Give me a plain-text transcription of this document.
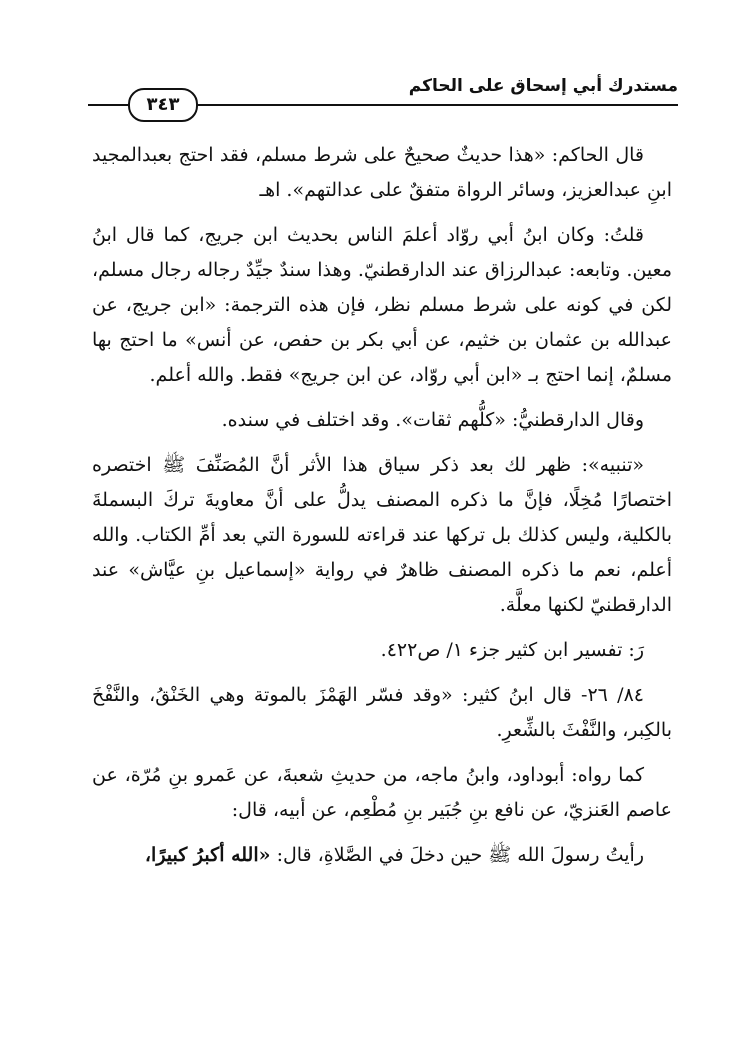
مستدرك أبي إسحاق على الحاكم
٣٤٣

قال الحاكم: «هذا حديثٌ صحيحٌ على شرط مسلم، فقد احتج بعبدالمجيد ابنِ عبدالعزيز، وسائر الرواة متفقٌ على عدالتهم». اهـ

قلتُ: وكان ابنُ أبي روّاد أعلمَ الناس بحديث ابن جريج، كما قال ابنُ معين. وتابعه: عبدالرزاق عند الدارقطنيّ. وهذا سندٌ جيِّدٌ رجاله رجال مسلم، لكن في كونه على شرط مسلم نظر، فإن هذه الترجمة: «ابن جريج، عن عبدالله بن عثمان بن خثيم، عن أبي بكر بن حفص، عن أنس» ما احتج بها مسلمٌ، إنما احتج بـ «ابن أبي روّاد، عن ابن جريج» فقط. والله أعلم.

وقال الدارقطنيُّ: «كلُّهم ثقات». وقد اختلف في سنده.

«تنبيه»: ظهر لك بعد ذكر سياق هذا الأثر أنَّ المُصَنِّفَ ﷺ اختصره اختصارًا مُخِلًا، فإنَّ ما ذكره المصنف يدلُّ على أنَّ معاويةَ تركَ البسملةَ بالكلية، وليس كذلك بل تركها عند قراءته للسورة التي بعد أمِّ الكتاب. والله أعلم، نعم ما ذكره المصنف ظاهرٌ في رواية «إسماعيل بنِ عيَّاش» عند الدارقطنيّ لكنها معلَّة.

رَ: تفسير ابن كثير جزء ١/ ص٤٢٢.

٨٤/ ٢٦- قال ابنُ كثير: «وقد فسّر الهَمْزَ بالموتة وهي الخَنْقُ، والنَّفْخَ بالكِبر، والنَّفْثَ بالشِّعرِ.

كما رواه: أبوداود، وابنُ ماجه، من حديثِ شعبةَ، عن عَمرو بنِ مُرّة، عن عاصم العَنزيّ، عن نافع بنِ جُبَير بنِ مُطْعِم، عن أبيه، قال:

رأيتُ رسولَ الله ﷺ حين دخلَ في الصَّلاةِ، قال: «الله أكبرُ كبيرًا،
